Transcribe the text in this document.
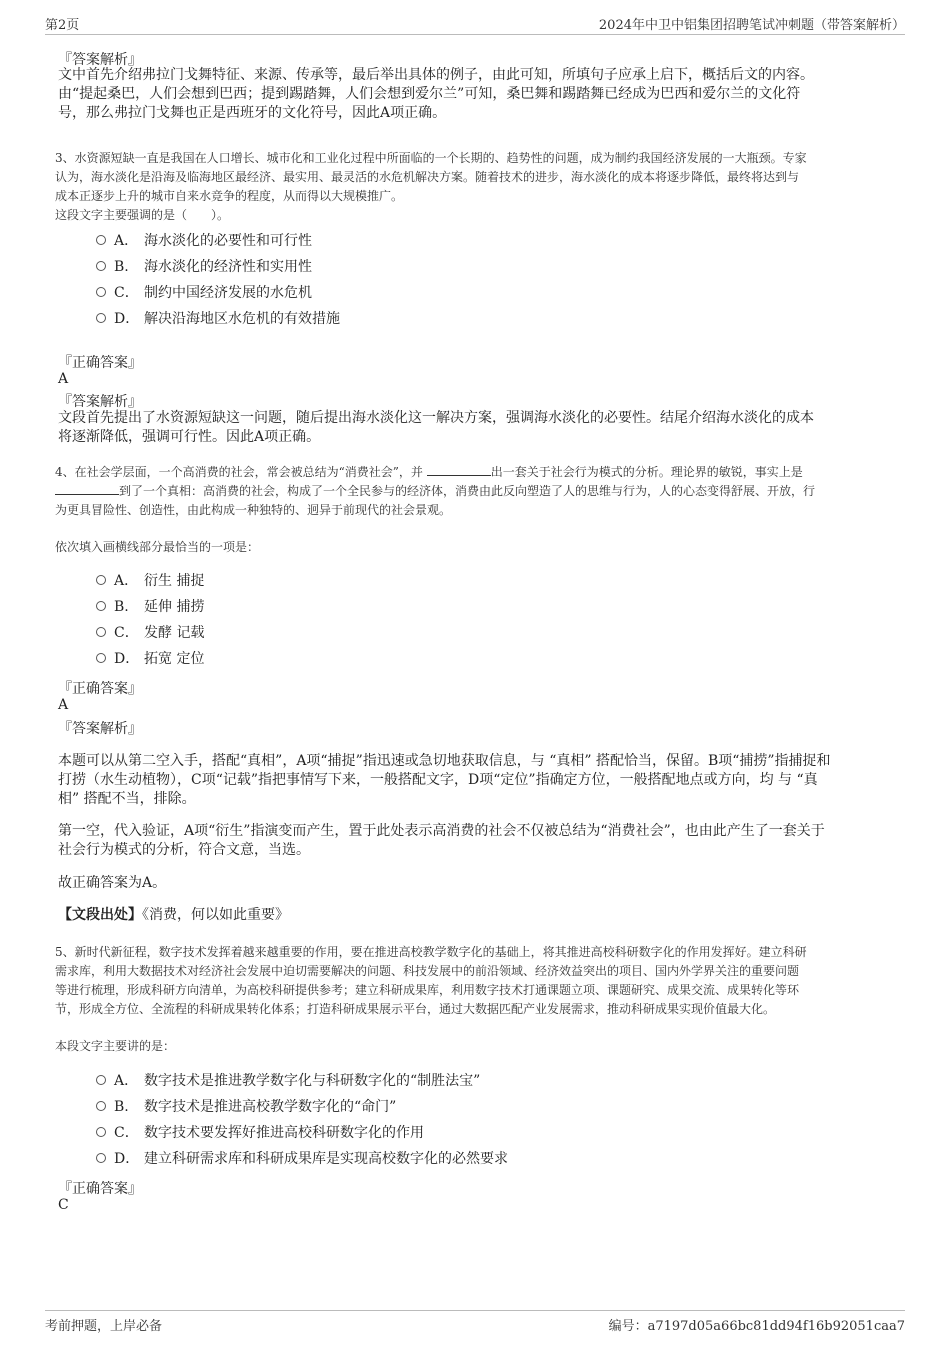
第2页	2024年中卫中铝集团招聘笔试冲刺题（带答案解析）
『答案解析』
文中首先介绍弗拉门戈舞特征、来源、传承等，最后举出具体的例子，由此可知，所填句子应承上启下，概括后文的内容。
由“提起桑巴，人们会想到巴西；提到踢踏舞，人们会想到爱尔兰”可知，桑巴舞和踢踏舞已经成为巴西和爱尔兰的文化符
号，那么弗拉门戈舞也正是西班牙的文化符号，因此A项正确。
3、水资源短缺一直是我国在人口增长、城市化和工业化过程中所面临的一个长期的、趋势性的问题，成为制约我国经济发展的一大瓶颈。专家
认为，海水淡化是沿海及临海地区最经济、最实用、最灵活的水危机解决方案。随着技术的进步，海水淡化的成本将逐步降低，最终将达到与
成本正逐步上升的城市自来水竞争的程度，从而得以大规模推广。
这段文字主要强调的是（　　）。
A． 海水淡化的必要性和可行性
B. 海水淡化的经济性和实用性
C． 制约中国经济发展的水危机
D． 解决沿海地区水危机的有效措施
『正确答案』
A
『答案解析』
文段首先提出了水资源短缺这一问题，随后提出海水淡化这一解决方案，强调海水淡化的必要性。结尾介绍海水淡化的成本
将逐渐降低，强调可行性。因此A项正确。
4、在社会学层面，一个高消费的社会，常会被总结为“消费社会”，并	出一套关于社会行为模式的分析。理论界的敏锐，事实上是
到了一个真相：高消费的社会，构成了一个全民参与的经济体，消费由此反向塑造了人的思维与行为，人的心态变得舒展、开放，行
为更具冒险性、创造性，由此构成一种独特的、迥异于前现代的社会景观。
依次填入画横线部分最恰当的一项是：
A． 衍生 捕捉
B. 延伸 捕捞
C． 发酵 记载
D． 拓宽 定位
『正确答案』
A
『答案解析』
本题可以从第二空入手，搭配“真相”，A项“捕捉”指迅速或急切地获取信息，与 “真相” 搭配恰当，保留。B项“捕捞”指捕捉和
打捞（水生动植物），C项“记载”指把事情写下来，一般搭配文字，D项“定位”指确定方位，一般搭配地点或方向，均 与 “真
相” 搭配不当，排除。
第一空，代入验证，A项“衍生”指演变而产生，置于此处表示高消费的社会不仅被总结为“消费社会”，也由此产生了一套关于
社会行为模式的分析，符合文意，当选。
故正确答案为A。
【文段出处】《消费，何以如此重要》
5、新时代新征程，数字技术发挥着越来越重要的作用，要在推进高校教学数字化的基础上，将其推进高校科研数字化的作用发挥好。建立科研
需求库，利用大数据技术对经济社会发展中迫切需要解决的问题、科技发展中的前沿领域、经济效益突出的项目、国内外学界关注的重要问题
等进行梳理，形成科研方向清单，为高校科研提供参考；建立科研成果库，利用数字技术打通课题立项、课题研究、成果交流、成果转化等环
节，形成全方位、全流程的科研成果转化体系；打造科研成果展示平台，通过大数据匹配产业发展需求，推动科研成果实现价值最大化。
本段文字主要讲的是：
A． 数字技术是推进教学数字化与科研数字化的“制胜法宝”
B. 数字技术是推进高校教学数字化的“命门”
C． 数字技术要发挥好推进高校科研数字化的作用
D． 建立科研需求库和科研成果库是实现高校数字化的必然要求
『正确答案』
C
考前押题，上岸必备	编号：a7197d05a66bc81dd94f16b92051caa7
